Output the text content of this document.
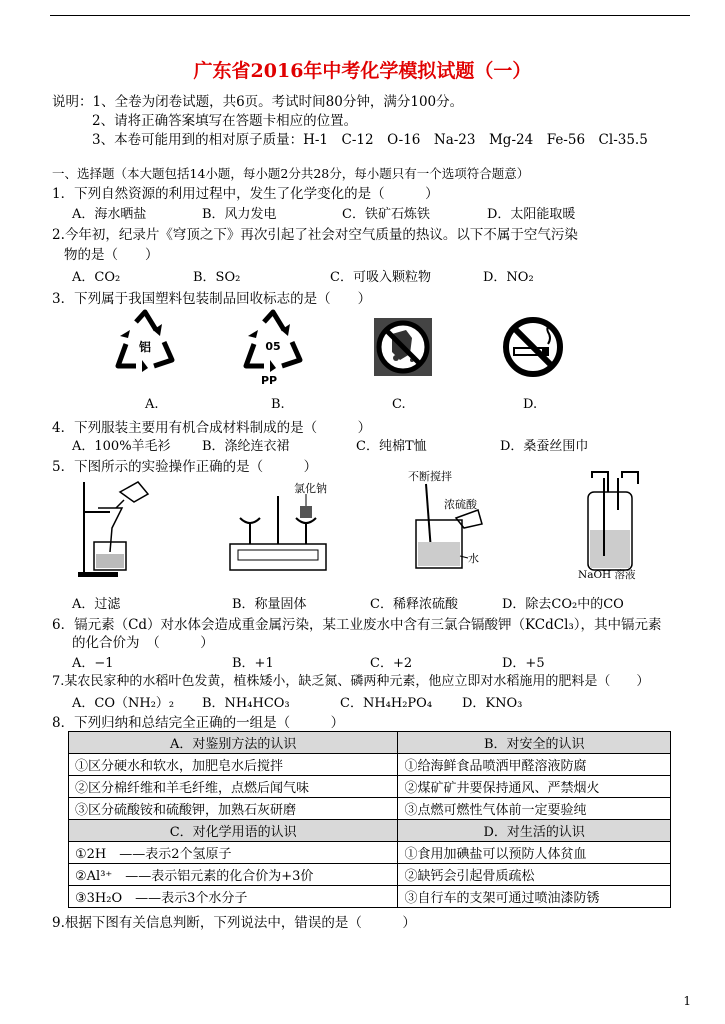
广东省2016年中考化学模拟试题（一）
说明：1、全卷为闭卷试题，共6页。考试时间80分钟，满分100分。
2、请将正确答案填写在答题卡相应的位置。
3、本卷可能用到的相对原子质量：H-1　C-12　O-16　Na-23　Mg-24　Fe-56　Cl-35.5
一、选择题（本大题包括14小题，每小题2分共28分，每小题只有一个选项符合题意）
1．下列自然资源的利用过程中，发生了化学变化的是（　　　）
A．海水晒盐	B．风力发电	C．铁矿石炼铁	D．太阳能取暖
2.今年初，纪录片《穹顶之下》再次引起了社会对空气质量的热议。以下不属于空气污染
物的是（　　）
A．CO₂	B．SO₂	C．可吸入颗粒物	D．NO₂
3．下列属于我国塑料包装制品回收标志的是（　　）
铝	05
PP
A.	B.	C.	D.
4．下列服装主要用有机合成材料制成的是（　　　）
A．100%羊毛衫 B．涤纶连衣裙	C．纯棉T恤	D．桑蚕丝围巾
5．下图所示的实验操作正确的是（　　　）
氯化钠
不断搅拌
浓硫酸
水
NaOH 溶液
A．过滤	B．称量固体	C．稀释浓硫酸	D．除去CO₂中的CO
6．镉元素（Cd）对水体会造成重金属污染，某工业废水中含有三氯合镉酸钾（KCdCl₃），其中镉元素
的化合价为　（　　　）
A．−1	B．+1	C．+2	D．+5
7.某农民家种的水稻叶色发黄，植株矮小，缺乏氮、磷两种元素，他应立即对水稻施用的肥料是（　　）
A．CO（NH₂）₂ B．NH₄HCO₃	C．NH₄H₂PO₄ D．KNO₃
8．下列归纳和总结完全正确的一组是（　　　）
A．对鉴别方法的认识	B．对安全的认识
①区分硬水和软水，加肥皂水后搅拌	①给海鲜食品喷洒甲醛溶液防腐
②区分棉纤维和羊毛纤维，点燃后闻气味	②煤矿矿井要保持通风、严禁烟火
③区分硫酸铵和硫酸钾，加熟石灰研磨	③点燃可燃性气体前一定要验纯
C．对化学用语的认识	D．对生活的认识
①2H　——表示2个氢原子	①食用加碘盐可以预防人体贫血
②Al³⁺　——表示铝元素的化合价为+3价	②缺钙会引起骨质疏松
③3H₂O　——表示3个水分子	③自行车的支架可通过喷油漆防锈
9.根据下图有关信息判断，下列说法中，错误的是（　　　）
1
